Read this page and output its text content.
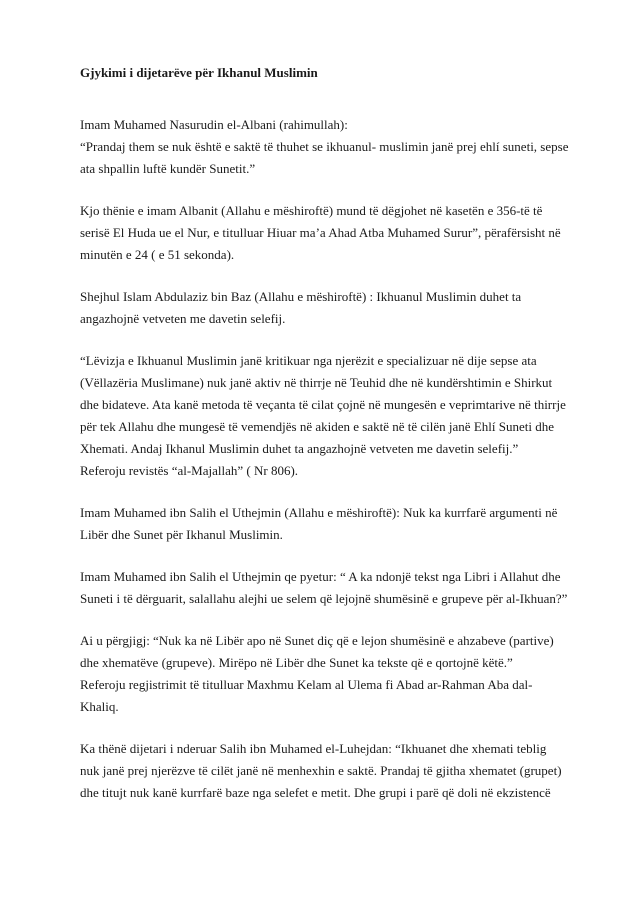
Gjykimi i dijetarëve për Ikhanul Muslimin

Imam Muhamed Nasurudin el-Albani (rahimullah):
“Prandaj them se nuk është e saktë të thuhet se ikhuanul- muslimin janë prej ehlí suneti, sepse
ata shpallin luftë kundër Sunetit.”

Kjo thënie e imam Albanit (Allahu e mëshiroftë) mund të dëgjohet në kasetën e 356-të të
serisë El Huda ue el Nur, e titulluar Hiuar ma’a Ahad Atba Muhamed Surur”, përafërsisht në
minutën e 24 ( e 51 sekonda).

Shejhul Islam Abdulaziz bin Baz (Allahu e mëshiroftë) : Ikhuanul Muslimin duhet ta
angazhojnë vetveten me davetin selefij.

“Lëvizja e Ikhuanul Muslimin janë kritikuar nga njerëzit e specializuar në dije sepse ata
(Vëllazëria Muslimane) nuk janë aktiv në thirrje në Teuhid dhe në kundërshtimin e Shirkut
dhe bidateve. Ata kanë metoda të veçanta të cilat çojnë në mungesën e veprimtarive në thirrje
për tek Allahu dhe mungesë të vemendjës në akiden e saktë në të cilën janë Ehlí Suneti dhe
Xhemati. Andaj Ikhanul Muslimin duhet ta angazhojnë vetveten me davetin selefij.”
Referoju revistës “al-Majallah” ( Nr 806).

Imam Muhamed ibn Salih el Uthejmin (Allahu e mëshiroftë): Nuk ka kurrfarë argumenti në
Libër dhe Sunet për Ikhanul Muslimin.

Imam Muhamed ibn Salih el Uthejmin qe pyetur: “ A ka ndonjë tekst nga Libri i Allahut dhe
Suneti i të dërguarit, salallahu alejhi ue selem që lejojnë shumësinë e grupeve për al-Ikhuan?”

Ai u përgjigj: “Nuk ka në Libër apo në Sunet diç që e lejon shumësinë e ahzabeve (partive)
dhe xhematëve (grupeve). Mirëpo në Libër dhe Sunet ka tekste që e qortojnë këtë.”
Referoju regjistrimit të titulluar Maxhmu Kelam al Ulema fi Abad ar-Rahman Aba dal-
Khaliq.

Ka thënë dijetari i nderuar Salih ibn Muhamed el-Luhejdan: “Ikhuanet dhe xhemati teblig
nuk janë prej njerëzve të cilët janë në menhexhin e saktë. Prandaj të gjitha xhematet (grupet)
dhe titujt nuk kanë kurrfarë baze nga selefet e metit. Dhe grupi i parë që doli në ekzistencë
